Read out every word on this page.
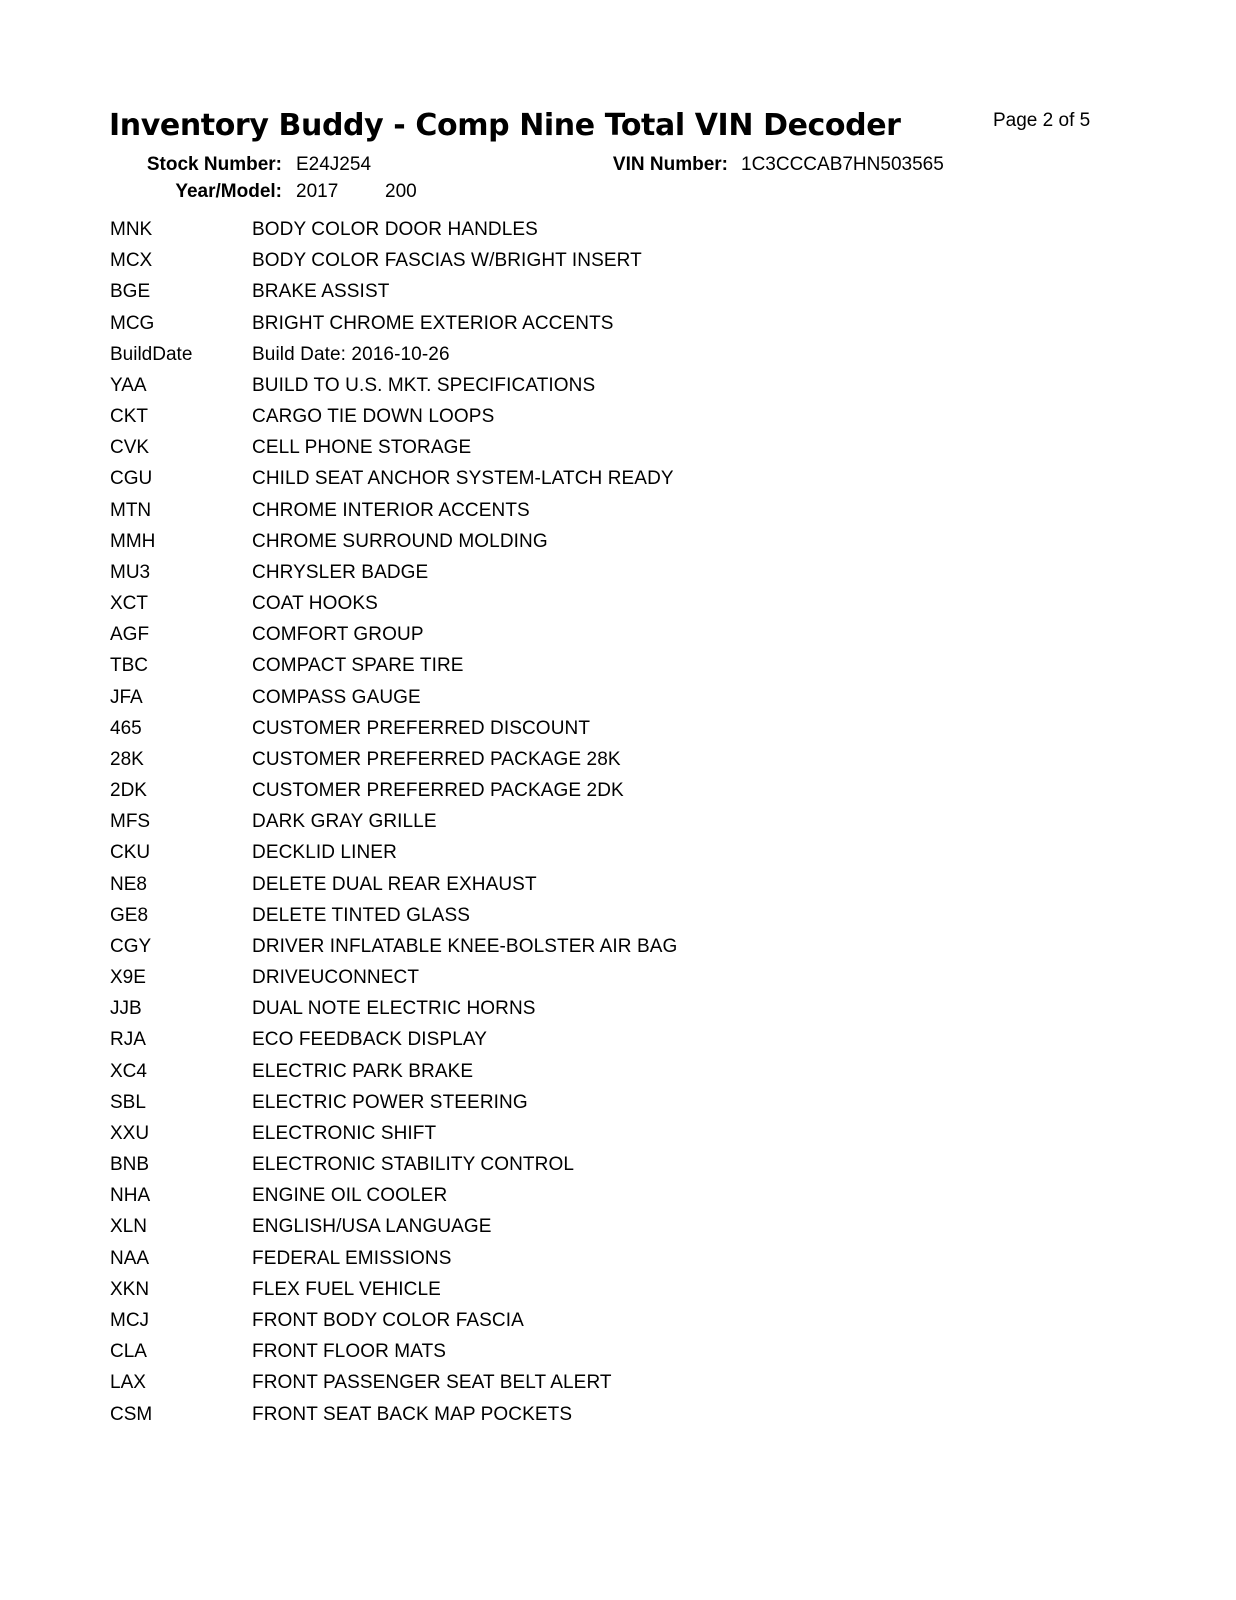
Inventory Buddy - Comp Nine Total VIN Decoder	Page 2 of 5
Stock Number: E24J254	VIN Number: 1C3CCCAB7HN503565
Year/Model: 2017 200
MNK	BODY COLOR DOOR HANDLES
MCX	BODY COLOR FASCIAS W/BRIGHT INSERT
BGE	BRAKE ASSIST
MCG	BRIGHT CHROME EXTERIOR ACCENTS
BuildDate	Build Date: 2016-10-26
YAA	BUILD TO U.S. MKT. SPECIFICATIONS
CKT	CARGO TIE DOWN LOOPS
CVK	CELL PHONE STORAGE
CGU	CHILD SEAT ANCHOR SYSTEM-LATCH READY
MTN	CHROME INTERIOR ACCENTS
MMH	CHROME SURROUND MOLDING
MU3	CHRYSLER BADGE
XCT	COAT HOOKS
AGF	COMFORT GROUP
TBC	COMPACT SPARE TIRE
JFA	COMPASS GAUGE
465	CUSTOMER PREFERRED DISCOUNT
28K	CUSTOMER PREFERRED PACKAGE 28K
2DK	CUSTOMER PREFERRED PACKAGE 2DK
MFS	DARK GRAY GRILLE
CKU	DECKLID LINER
NE8	DELETE DUAL REAR EXHAUST
GE8	DELETE TINTED GLASS
CGY	DRIVER INFLATABLE KNEE-BOLSTER AIR BAG
X9E	DRIVEUCONNECT
JJB	DUAL NOTE ELECTRIC HORNS
RJA	ECO FEEDBACK DISPLAY
XC4	ELECTRIC PARK BRAKE
SBL	ELECTRIC POWER STEERING
XXU	ELECTRONIC SHIFT
BNB	ELECTRONIC STABILITY CONTROL
NHA	ENGINE OIL COOLER
XLN	ENGLISH/USA LANGUAGE
NAA	FEDERAL EMISSIONS
XKN	FLEX FUEL VEHICLE
MCJ	FRONT BODY COLOR FASCIA
CLA	FRONT FLOOR MATS
LAX	FRONT PASSENGER SEAT BELT ALERT
CSM	FRONT SEAT BACK MAP POCKETS
